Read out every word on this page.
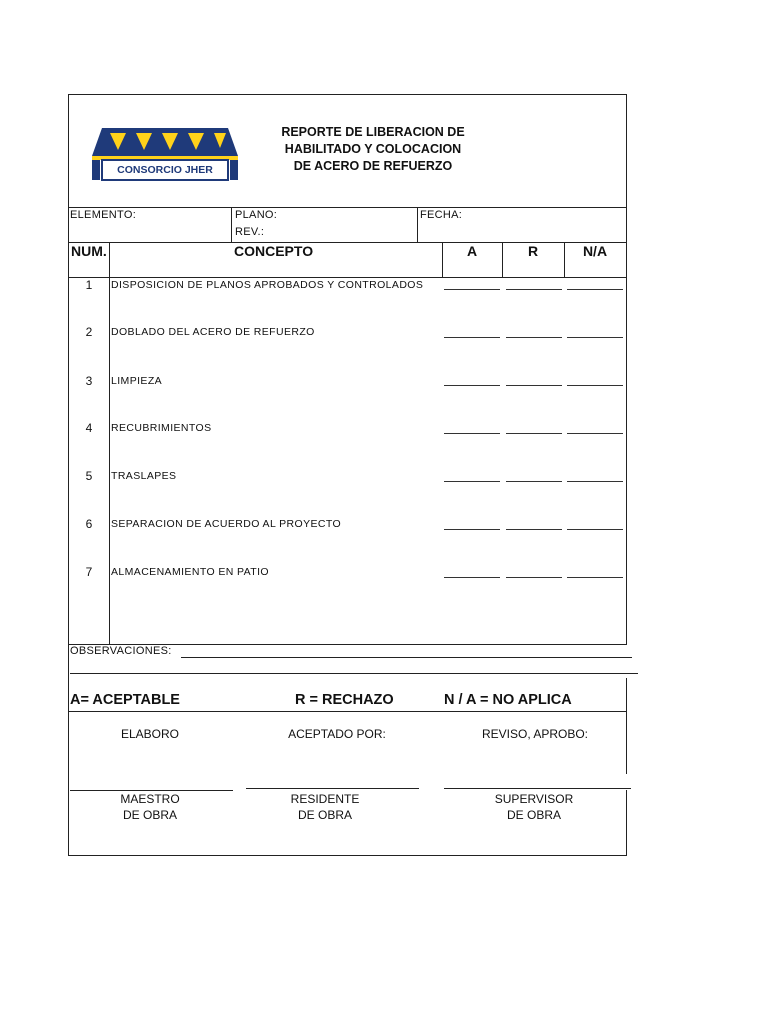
CONSORCIO JHER
REPORTE DE LIBERACION DE
HABILITADO Y COLOCACION
DE ACERO DE REFUERZO
ELEMENTO:	PLANO:
REV.:
FECHA:
NUM.	CONCEPTO	A	R	N/A
1	DISPOSICION DE PLANOS APROBADOS Y CONTROLADOS
2	DOBLADO DEL ACERO DE REFUERZO
3	LIMPIEZA
4	RECUBRIMIENTOS
5	TRASLAPES
6	SEPARACION DE ACUERDO AL PROYECTO
7	ALMACENAMIENTO EN PATIO
OBSERVACIONES:
A= ACEPTABLE	R = RECHAZO	N / A = NO APLICA
ELABORO	ACEPTADO POR:	REVISO, APROBO:
MAESTRO
DE OBRA
RESIDENTE
DE OBRA
SUPERVISOR
DE OBRA
